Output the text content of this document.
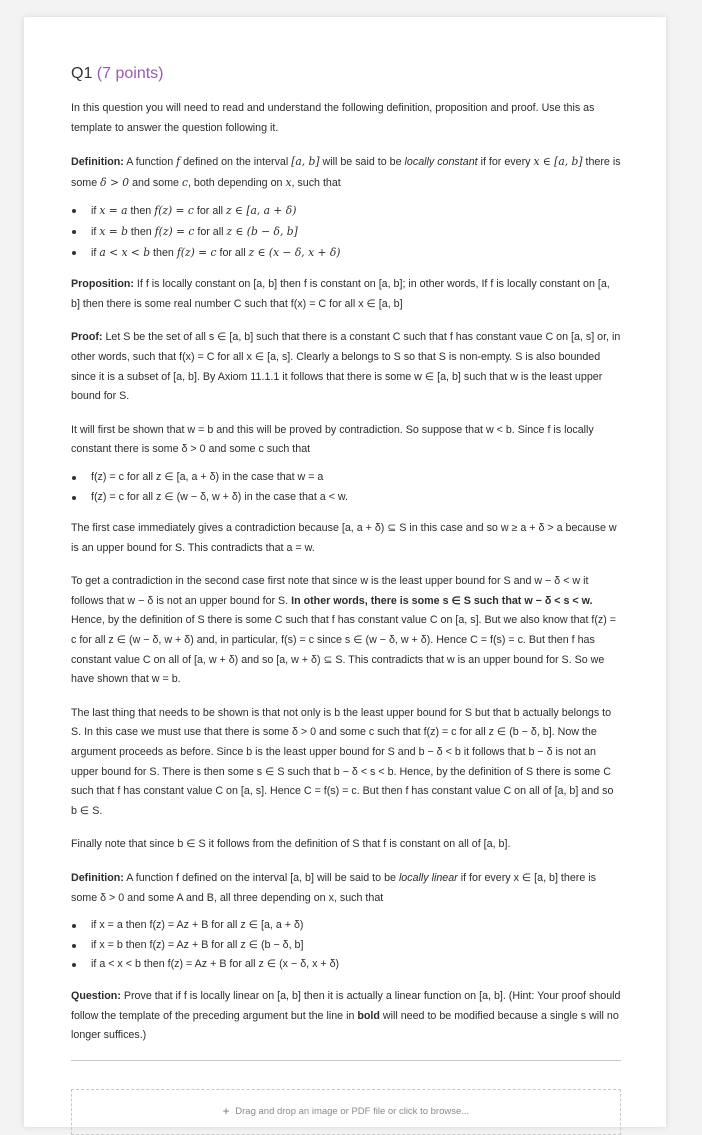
Q1 (7 points)

In this question you will need to read and understand the following definition, proposition and proof. Use this as template to answer the question following it.

Definition: A function f defined on the interval [a, b] will be said to be locally constant if for every x ∈ [a, b] there is some δ > 0 and some c, both depending on x, such that

if x = a then f(z) = c for all z ∈ [a, a + δ)
if x = b then f(z) = c for all z ∈ (b − δ, b]
if a < x < b then f(z) = c for all z ∈ (x − δ, x + δ)

Proposition: If f is locally constant on [a, b] then f is constant on [a, b]; in other words, If f is locally constant on [a, b] then there is some real number C such that f(x) = C for all x ∈ [a, b]

Proof: Let S be the set of all s ∈ [a, b] such that there is a constant C such that f has constant vaue C on [a, s] or, in other words, such that f(x) = C for all x ∈ [a, s]. Clearly a belongs to S so that S is non-empty. S is also bounded since it is a subset of [a, b]. By Axiom 11.1.1 it follows that there is some w ∈ [a, b] such that w is the least upper bound for S.

It will first be shown that w = b and this will be proved by contradiction. So suppose that w < b. Since f is locally constant there is some δ > 0 and some c such that

f(z) = c for all z ∈ [a, a + δ) in the case that w = a
f(z) = c for all z ∈ (w − δ, w + δ) in the case that a < w.

The first case immediately gives a contradiction because [a, a + δ) ⊆ S in this case and so w ≥ a + δ > a because w is an upper bound for S. This contradicts that a = w.

To get a contradiction in the second case first note that since w is the least upper bound for S and w − δ < w it follows that w − δ is not an upper bound for S. In other words, there is some s ∈ S such that w − δ < s < w. Hence, by the definition of S there is some C such that f has constant value C on [a, s]. But we also know that f(z) = c for all z ∈ (w − δ, w + δ) and, in particular, f(s) = c since s ∈ (w − δ, w + δ). Hence C = f(s) = c. But then f has constant value C on all of [a, w + δ) and so [a, w + δ) ⊆ S. This contradicts that w is an upper bound for S. So we have shown that w = b.

The last thing that needs to be shown is that not only is b the least upper bound for S but that b actually belongs to S. In this case we must use that there is some δ > 0 and some c such that f(z) = c for all z ∈ (b − δ, b]. Now the argument proceeds as before. Since b is the least upper bound for S and b − δ < b it follows that b − δ is not an upper bound for S. There is then some s ∈ S such that b − δ < s < b. Hence, by the definition of S there is some C such that f has constant value C on [a, s]. Hence C = f(s) = c. But then f has constant value C on all of [a, b] and so b ∈ S.

Finally note that since b ∈ S it follows from the definition of S that f is constant on all of [a, b].

Definition: A function f defined on the interval [a, b] will be said to be locally linear if for every x ∈ [a, b] there is some δ > 0 and some A and B, all three depending on x, such that

if x = a then f(z) = Az + B for all z ∈ [a, a + δ)
if x = b then f(z) = Az + B for all z ∈ (b − δ, b]
if a < x < b then f(z) = Az + B for all z ∈ (x − δ, x + δ)

Question: Prove that if f is locally linear on [a, b] then it is actually a linear function on [a, b]. (Hint: Your proof should follow the template of the preceding argument but the line in bold will need to be modified because a single s will no longer suffices.)

+ Drag and drop an image or PDF file or click to browse...
